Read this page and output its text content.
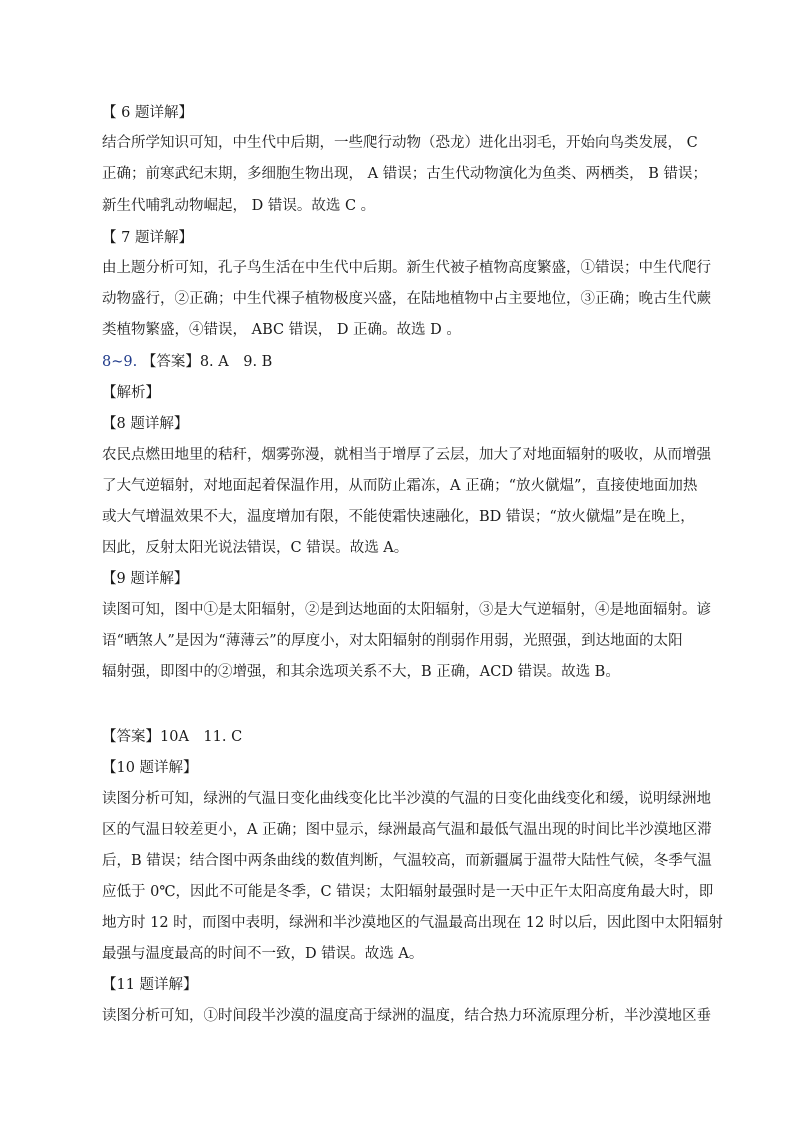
【 6 题详解】
结合所学知识可知，中生代中后期，一些爬行动物（恐龙）进化出羽毛，开始向鸟类发展， C
正确；前寒武纪末期，多细胞生物出现， A 错误；古生代动物演化为鱼类、两栖类， B 错误；
新生代哺乳动物崛起， D 错误。故选 C 。
【 7 题详解】
由上题分析可知，孔子鸟生活在中生代中后期。新生代被子植物高度繁盛，①错误；中生代爬行
动物盛行，②正确；中生代裸子植物极度兴盛，在陆地植物中占主要地位，③正确；晚古生代蕨
类植物繁盛，④错误， ABC 错误， D 正确。故选 D 。
8~9. 【答案】8. A　9. B
【解析】
【8 题详解】
农民点燃田地里的秸秆，烟雾弥漫，就相当于增厚了云层，加大了对地面辐射的吸收，从而增强
了大气逆辐射，对地面起着保温作用，从而防止霜冻，A 正确；“放火僦煴”，直接使地面加热
或大气增温效果不大，温度增加有限，不能使霜快速融化，BD 错误；“放火僦煴”是在晚上，
因此，反射太阳光说法错误，C 错误。故选 A。
【9 题详解】
读图可知，图中①是太阳辐射，②是到达地面的太阳辐射，③是大气逆辐射，④是地面辐射。谚
语“晒煞人”是因为“薄薄云”的厚度小，对太阳辐射的削弱作用弱，光照强，到达地面的太阳
辐射强，即图中的②增强，和其余选项关系不大，B 正确，ACD 错误。故选 B。
【答案】10A　11. C
【10 题详解】
读图分析可知，绿洲的气温日变化曲线变化比半沙漠的气温的日变化曲线变化和缓，说明绿洲地
区的气温日较差更小，A 正确；图中显示，绿洲最高气温和最低气温出现的时间比半沙漠地区滞
后，B 错误；结合图中两条曲线的数值判断，气温较高，而新疆属于温带大陆性气候，冬季气温
应低于 0℃，因此不可能是冬季，C 错误；太阳辐射最强时是一天中正午太阳高度角最大时，即
地方时 12 时，而图中表明，绿洲和半沙漠地区的气温最高出现在 12 时以后，因此图中太阳辐射
最强与温度最高的时间不一致，D 错误。故选 A。
【11 题详解】
读图分析可知，①时间段半沙漠的温度高于绿洲的温度，结合热力环流原理分析，半沙漠地区垂
